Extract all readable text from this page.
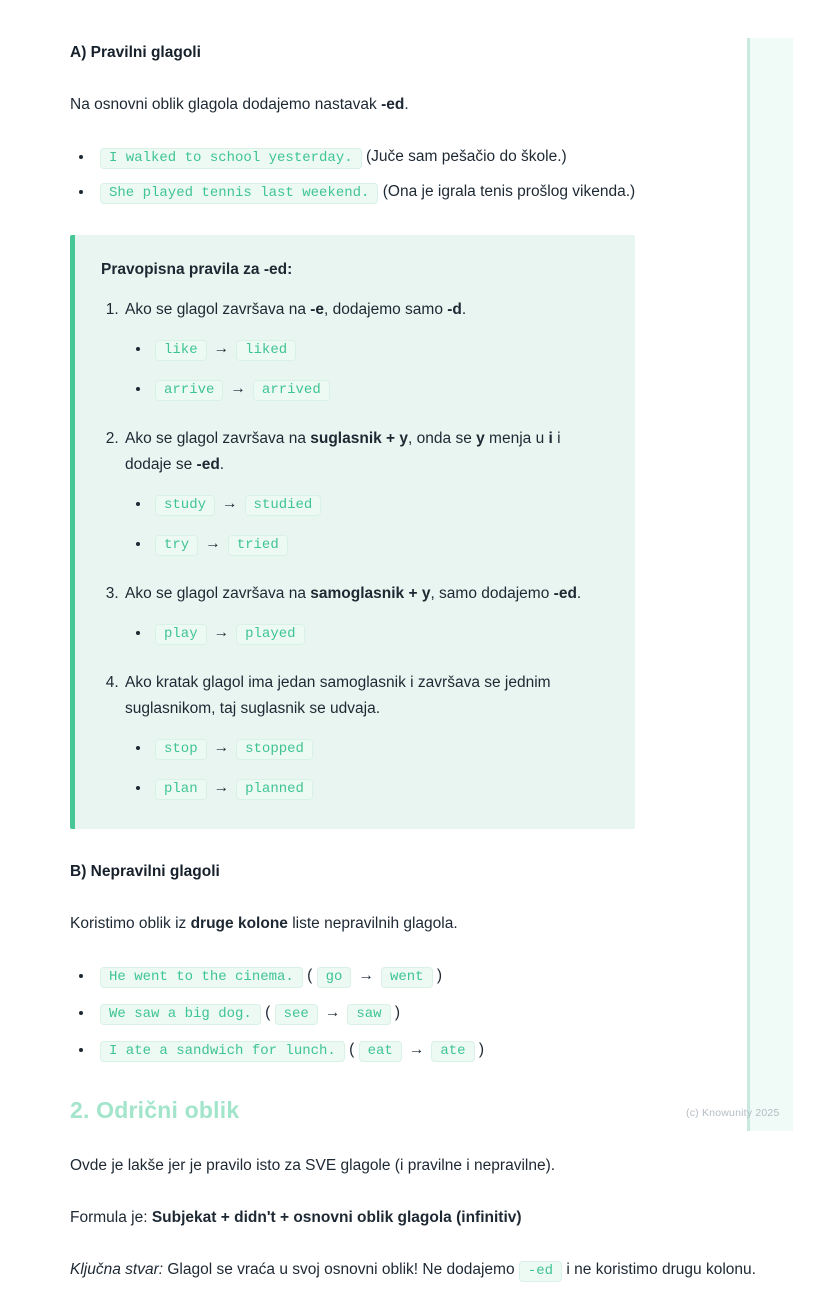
(c) Knowunity 2025
A) Pravilni glagoli

Na osnovni oblik glagola dodajemo nastavak -ed.

• I walked to school yesterday. (Juče sam pešačio do škole.)
• She played tennis last weekend. (Ona je igrala tenis prošlog vikenda.)

Pravopisna pravila za -ed:

1. Ako se glagol završava na -e, dodajemo samo -d.
• like → liked
• arrive → arrived
2. Ako se glagol završava na suglasnik + y, onda se y menja u i i dodaje se -ed.
• study → studied
• try → tried
3. Ako se glagol završava na samoglasnik + y, samo dodajemo -ed.
• play → played
4. Ako kratak glagol ima jedan samoglasnik i završava se jednim suglasnikom, taj suglasnik se udvaja.
• stop → stopped
• plan → planned
B) Nepravilni glagoli

Koristimo oblik iz druge kolone liste nepravilnih glagola.

• He went to the cinema. ( go → went )
• We saw a big dog. ( see → saw )
• I ate a sandwich for lunch. ( eat → ate )
2. Odrični oblik

Ovde je lakše jer je pravilo isto za SVE glagole (i pravilne i nepravilne).

Formula je: Subjekat + didn't + osnovni oblik glagola (infinitiv)

Ključna stvar: Glagol se vraća u svoj osnovni oblik! Ne dodajemo -ed i ne koristimo drugu kolonu.
